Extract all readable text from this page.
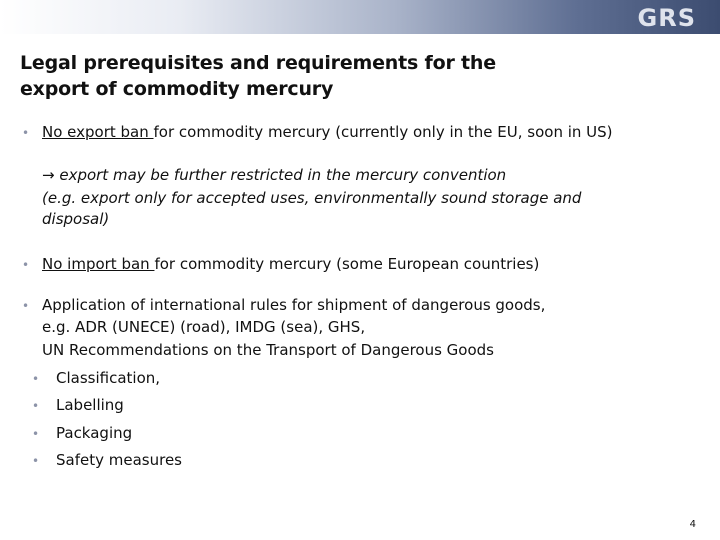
GRS
Legal prerequisites and requirements for the
export of commodity mercury
• No export ban for commodity mercury (currently only in the EU, soon in US)
→ export may be further restricted in the mercury convention
(e.g. export only for accepted uses, environmentally sound storage and
disposal)
• No import ban for commodity mercury (some European countries)
• Application of international rules for shipment of dangerous goods,
e.g. ADR (UNECE) (road), IMDG (sea), GHS,
UN Recommendations on the Transport of Dangerous Goods
• Classification,
• Labelling
• Packaging
• Safety measures
4
